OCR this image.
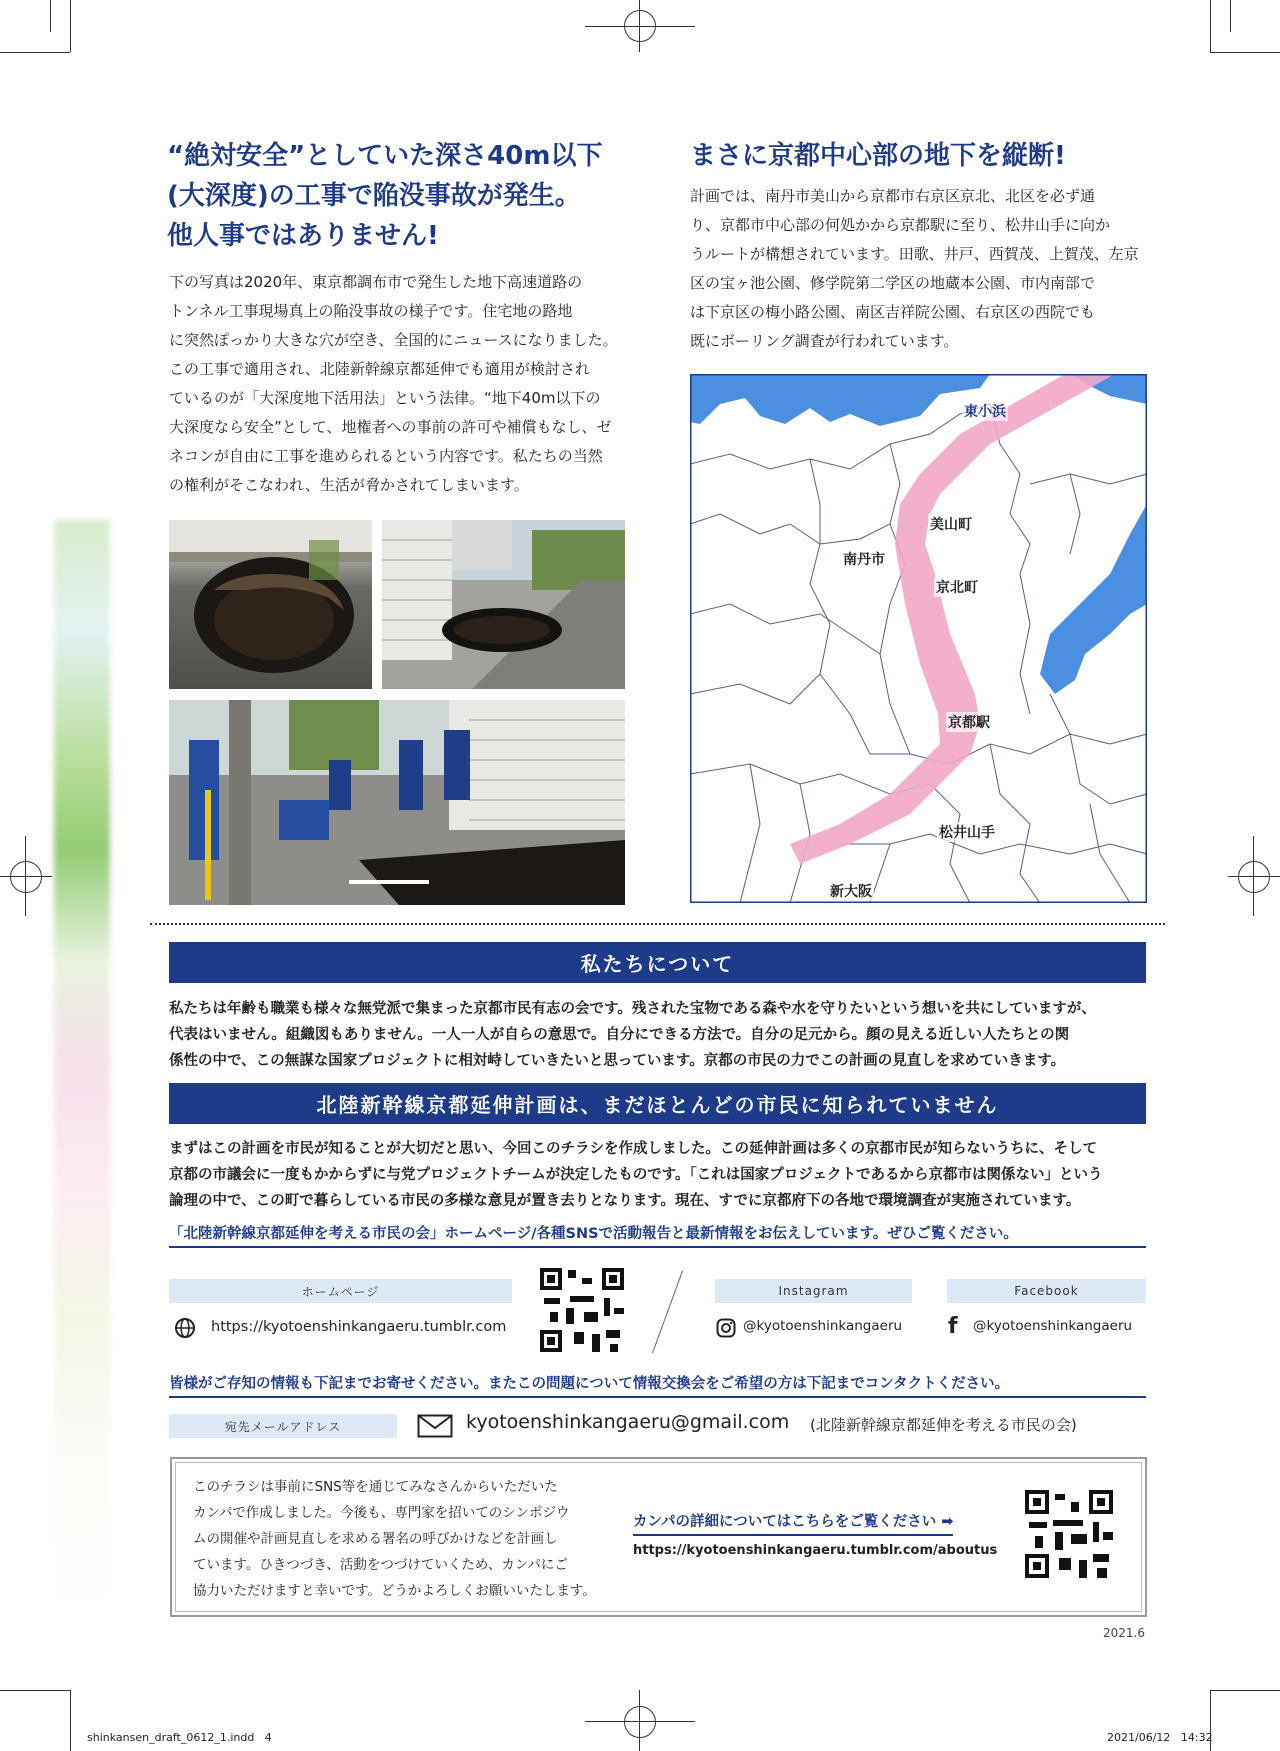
“絶対安全”としていた深さ40m以下
(大深度)の工事で陥没事故が発生。
他人事ではありません!
下の写真は2020年、東京都調布市で発生した地下高速道路の
トンネル工事現場真上の陥没事故の様子です。住宅地の路地
に突然ぽっかり大きな穴が空き、全国的にニュースになりました。
この工事で適用され、北陸新幹線京都延伸でも適用が検討され
ているのが「大深度地下活用法」という法律。“地下40m以下の
大深度なら安全”として、地権者への事前の許可や補償もなし、ゼ
ネコンが自由に工事を進められるという内容です。私たちの当然
の権利がそこなわれ、生活が脅かされてしまいます。
まさに京都中心部の地下を縦断!
計画では、南丹市美山から京都市右京区京北、北区を必ず通
り、京都市中心部の何処かから京都駅に至り、松井山手に向か
うルートが構想されています。田歌、井戸、西賀茂、上賀茂、左京
区の宝ヶ池公園、修学院第二学区の地蔵本公園、市内南部で
は下京区の梅小路公園、南区吉祥院公園、右京区の西院でも
既にボーリング調査が行われています。
東小浜
美山町
南丹市
京北町
京都駅
松井山手
新大阪
私たちについて
私たちは年齢も職業も様々な無党派で集まった京都市民有志の会です。残された宝物である森や水を守りたいという想いを共にしていますが、
代表はいません。組織図もありません。一人一人が自らの意思で。自分にできる方法で。自分の足元から。顔の見える近しい人たちとの関
係性の中で、この無謀な国家プロジェクトに相対峙していきたいと思っています。京都の市民の力でこの計画の見直しを求めていきます。
北陸新幹線京都延伸計画は、まだほとんどの市民に知られていません
まずはこの計画を市民が知ることが大切だと思い、今回このチラシを作成しました。この延伸計画は多くの京都市民が知らないうちに、そして
京都の市議会に一度もかからずに与党プロジェクトチームが決定したものです。「これは国家プロジェクトであるから京都市は関係ない」という
論理の中で、この町で暮らしている市民の多様な意見が置き去りとなります。現在、すでに京都府下の各地で環境調査が実施されています。
「北陸新幹線京都延伸を考える市民の会」ホームページ/各種SNSで活動報告と最新情報をお伝えしています。ぜひご覧ください。
ホームページ
https://kyotoenshinkangaeru.tumblr.com
Instagram
@kyotoenshinkangaeru
Facebook
f @kyotoenshinkangaeru
皆様がご存知の情報も下記までお寄せください。またこの問題について情報交換会をご希望の方は下記までコンタクトください。
宛先メールアドレス	kyotoenshinkangaeru@gmail.com (北陸新幹線京都延伸を考える市民の会)
このチラシは事前にSNS等を通じてみなさんからいただいた
カンパで作成しました。今後も、専門家を招いてのシンポジウ
ムの開催や計画見直しを求める署名の呼びかけなどを計画し
ています。ひきつづき、活動をつづけていくため、カンパにご
協力いただけますと幸いです。どうかよろしくお願いいたします。
カンパの詳細についてはこちらをご覧ください ➡
https://kyotoenshinkangaeru.tumblr.com/aboutus
2021.6
shinkansen_draft_0612_1.indd   4	2021/06/12   14:32
